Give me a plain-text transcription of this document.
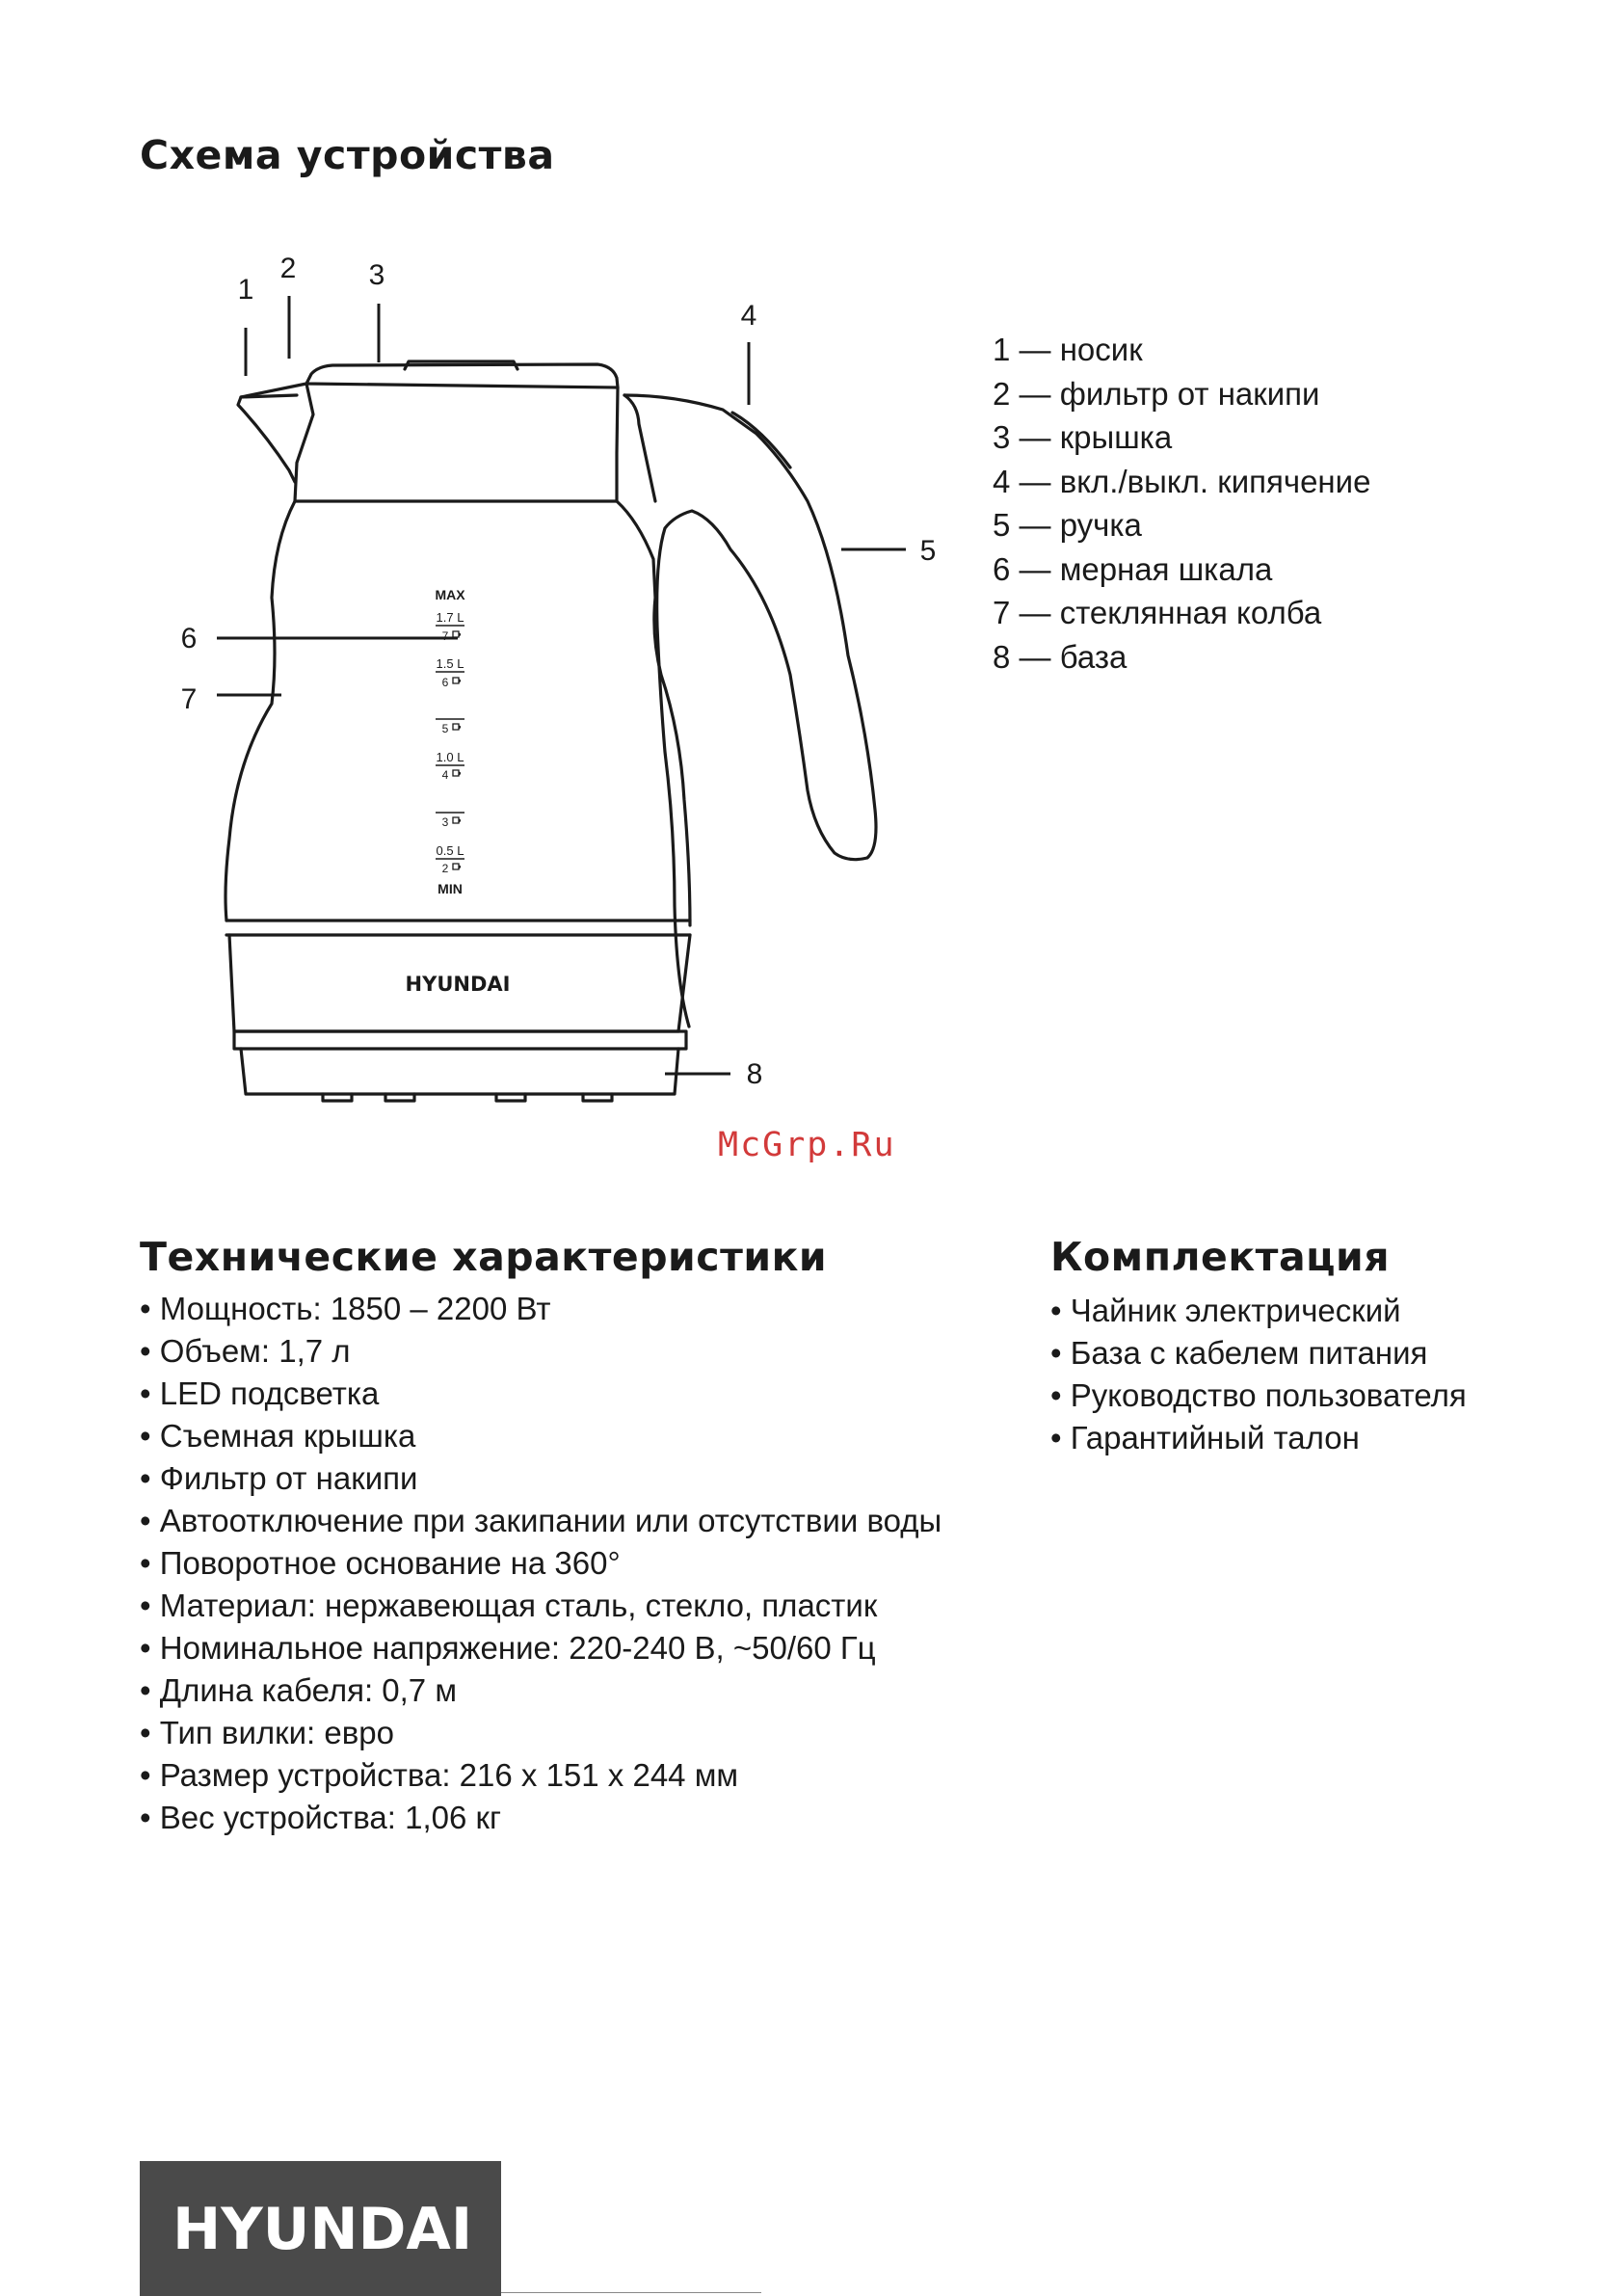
Схема устройства
1
2	3
4
5
6
7
8
MAX
1.7 L
7
1.5 L
6
5
1.0 L
4
3
0.5 L
2
MIN
HYUNDAI
1 — носик
2 — фильтр от накипи
3 — крышка
4 — вкл./выкл. кипячение
5 — ручка
6 — мерная шкала
7 — стеклянная колба
8 — база
McGrp.Ru
Технические характеристики
• Мощность: 1850 – 2200 Вт
• Объем: 1,7 л
• LED подсветка
• Съемная крышка
• Фильтр от накипи
• Автоотключение при закипании или отсутствии воды
• Поворотное основание на 360°
• Материал: нержавеющая сталь, стекло, пластик
• Номинальное напряжение: 220-240 В, ~50/60 Гц
• Длина кабеля: 0,7 м
• Тип вилки: евро
• Размер устройства: 216 х 151 х 244 мм
• Вес устройства: 1,06 кг
Комплектация
• Чайник электрический
• База с кабелем питания
• Руководство пользователя
• Гарантийный талон
HYUNDAI
